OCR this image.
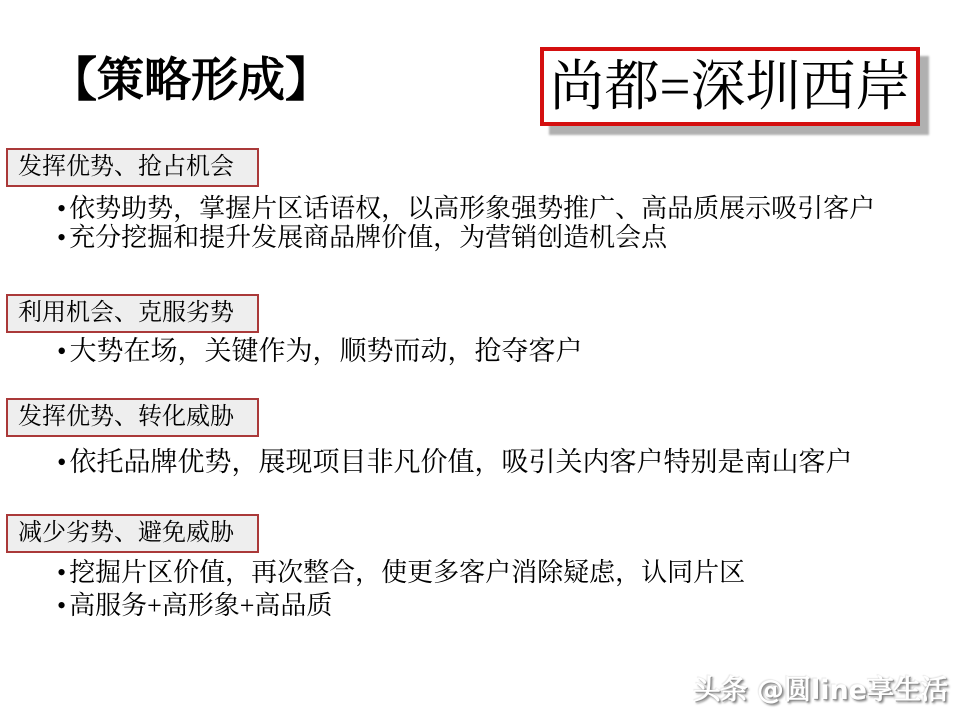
【策略形成】	尚都=深圳西岸
发挥优势、抢占机会
• 依势助势，掌握片区话语权，以高形象强势推广、高品质展示吸引客户
• 充分挖掘和提升发展商品牌价值，为营销创造机会点
利用机会、克服劣势
• 大势在场，关键作为，顺势而动，抢夺客户
发挥优势、转化威胁
• 依托品牌优势，展现项目非凡价值，吸引关内客户特别是南山客户
减少劣势、避免威胁
• 挖掘片区价值，再次整合，使更多客户消除疑虑，认同片区
• 高服务+高形象+高品质
头条 @圆line享生活
